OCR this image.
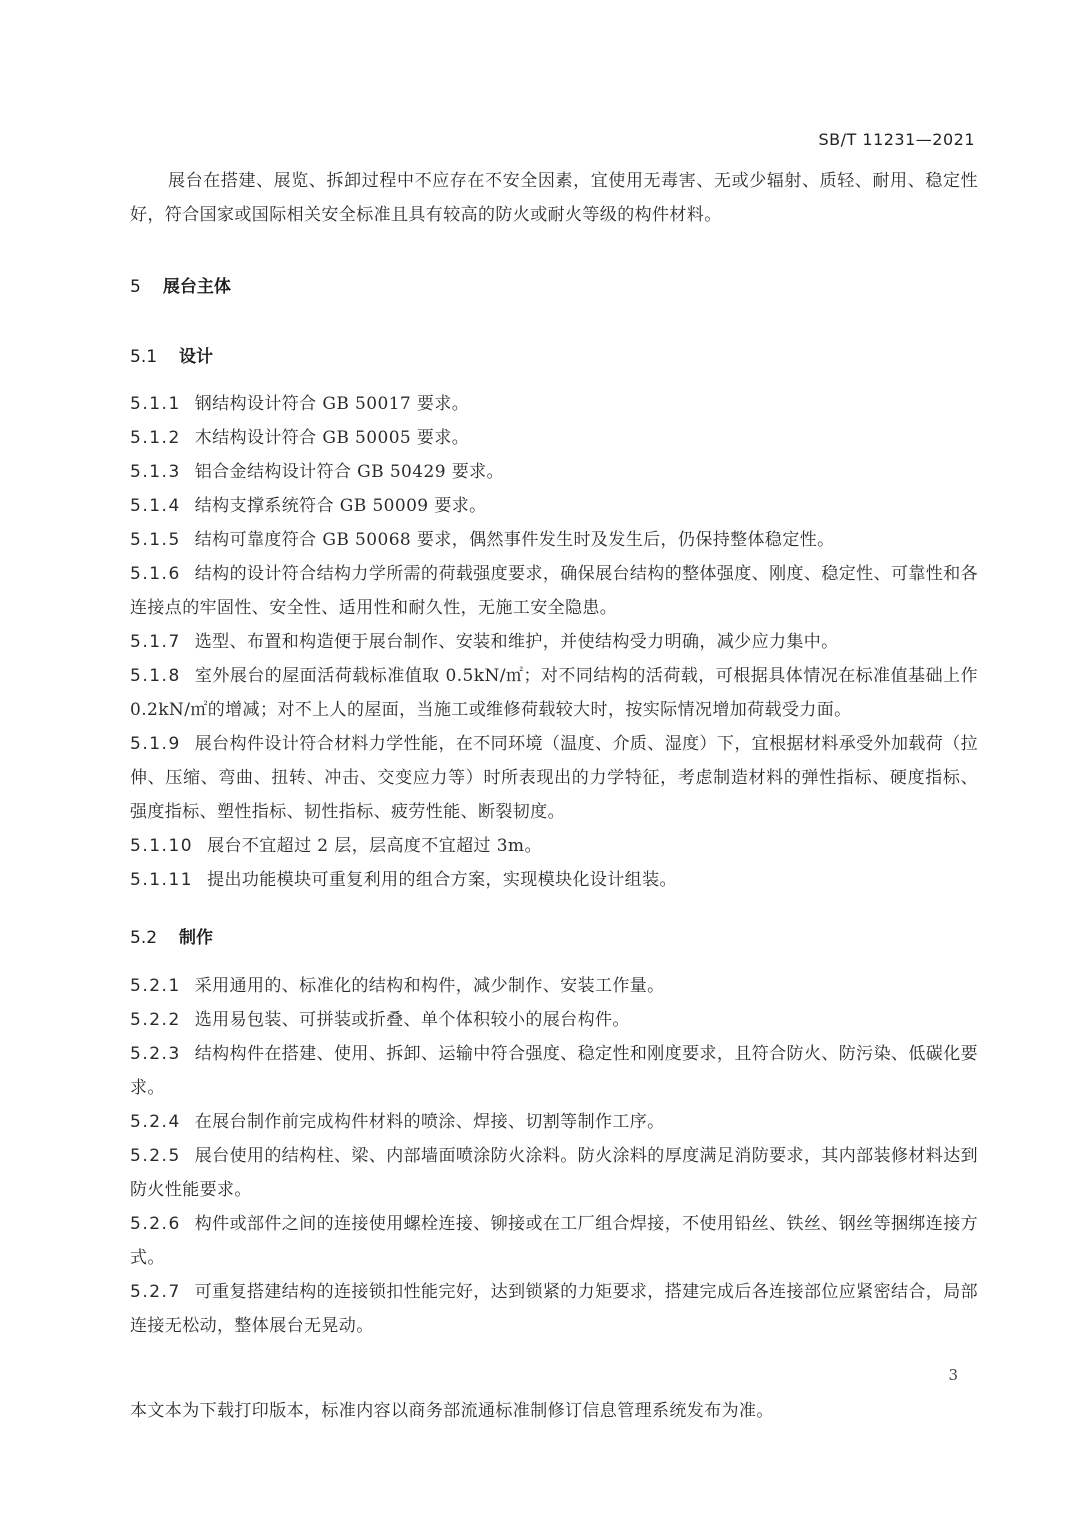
SB/T 11231—2021

展台在搭建、展览、拆卸过程中不应存在不安全因素，宜使用无毒害、无或少辐射、质轻、耐用、稳定性好，符合国家或国际相关安全标准且具有较高的防火或耐火等级的构件材料。

5 展台主体
5.1 设计
5.1.1 钢结构设计符合 GB 50017 要求。
5.1.2 木结构设计符合 GB 50005 要求。
5.1.3 铝合金结构设计符合 GB 50429 要求。
5.1.4 结构支撑系统符合 GB 50009 要求。
5.1.5 结构可靠度符合 GB 50068 要求，偶然事件发生时及发生后，仍保持整体稳定性。
5.1.6 结构的设计符合结构力学所需的荷载强度要求，确保展台结构的整体强度、刚度、稳定性、可靠性和各连接点的牢固性、安全性、适用性和耐久性，无施工安全隐患。
5.1.7 选型、布置和构造便于展台制作、安装和维护，并使结构受力明确，减少应力集中。
5.1.8 室外展台的屋面活荷载标准值取 0.5kN/㎡；对不同结构的活荷载，可根据具体情况在标准值基础上作 0.2kN/㎡的增减；对不上人的屋面，当施工或维修荷载较大时，按实际情况增加荷载受力面。
5.1.9 展台构件设计符合材料力学性能，在不同环境（温度、介质、湿度）下，宜根据材料承受外加载荷（拉伸、压缩、弯曲、扭转、冲击、交变应力等）时所表现出的力学特征，考虑制造材料的弹性指标、硬度指标、强度指标、塑性指标、韧性指标、疲劳性能、断裂韧度。
5.1.10 展台不宜超过 2 层，层高度不宜超过 3m。
5.1.11 提出功能模块可重复利用的组合方案，实现模块化设计组装。
5.2 制作
5.2.1 采用通用的、标准化的结构和构件，减少制作、安装工作量。
5.2.2 选用易包装、可拼装或折叠、单个体积较小的展台构件。
5.2.3 结构构件在搭建、使用、拆卸、运输中符合强度、稳定性和刚度要求，且符合防火、防污染、低碳化要求。
5.2.4 在展台制作前完成构件材料的喷涂、焊接、切割等制作工序。
5.2.5 展台使用的结构柱、梁、内部墙面喷涂防火涂料。防火涂料的厚度满足消防要求，其内部装修材料达到防火性能要求。
5.2.6 构件或部件之间的连接使用螺栓连接、铆接或在工厂组合焊接，不使用铅丝、铁丝、钢丝等捆绑连接方式。
5.2.7 可重复搭建结构的连接锁扣性能完好，达到锁紧的力矩要求，搭建完成后各连接部位应紧密结合，局部连接无松动，整体展台无晃动。
3
本文本为下载打印版本，标准内容以商务部流通标准制修订信息管理系统发布为准。
